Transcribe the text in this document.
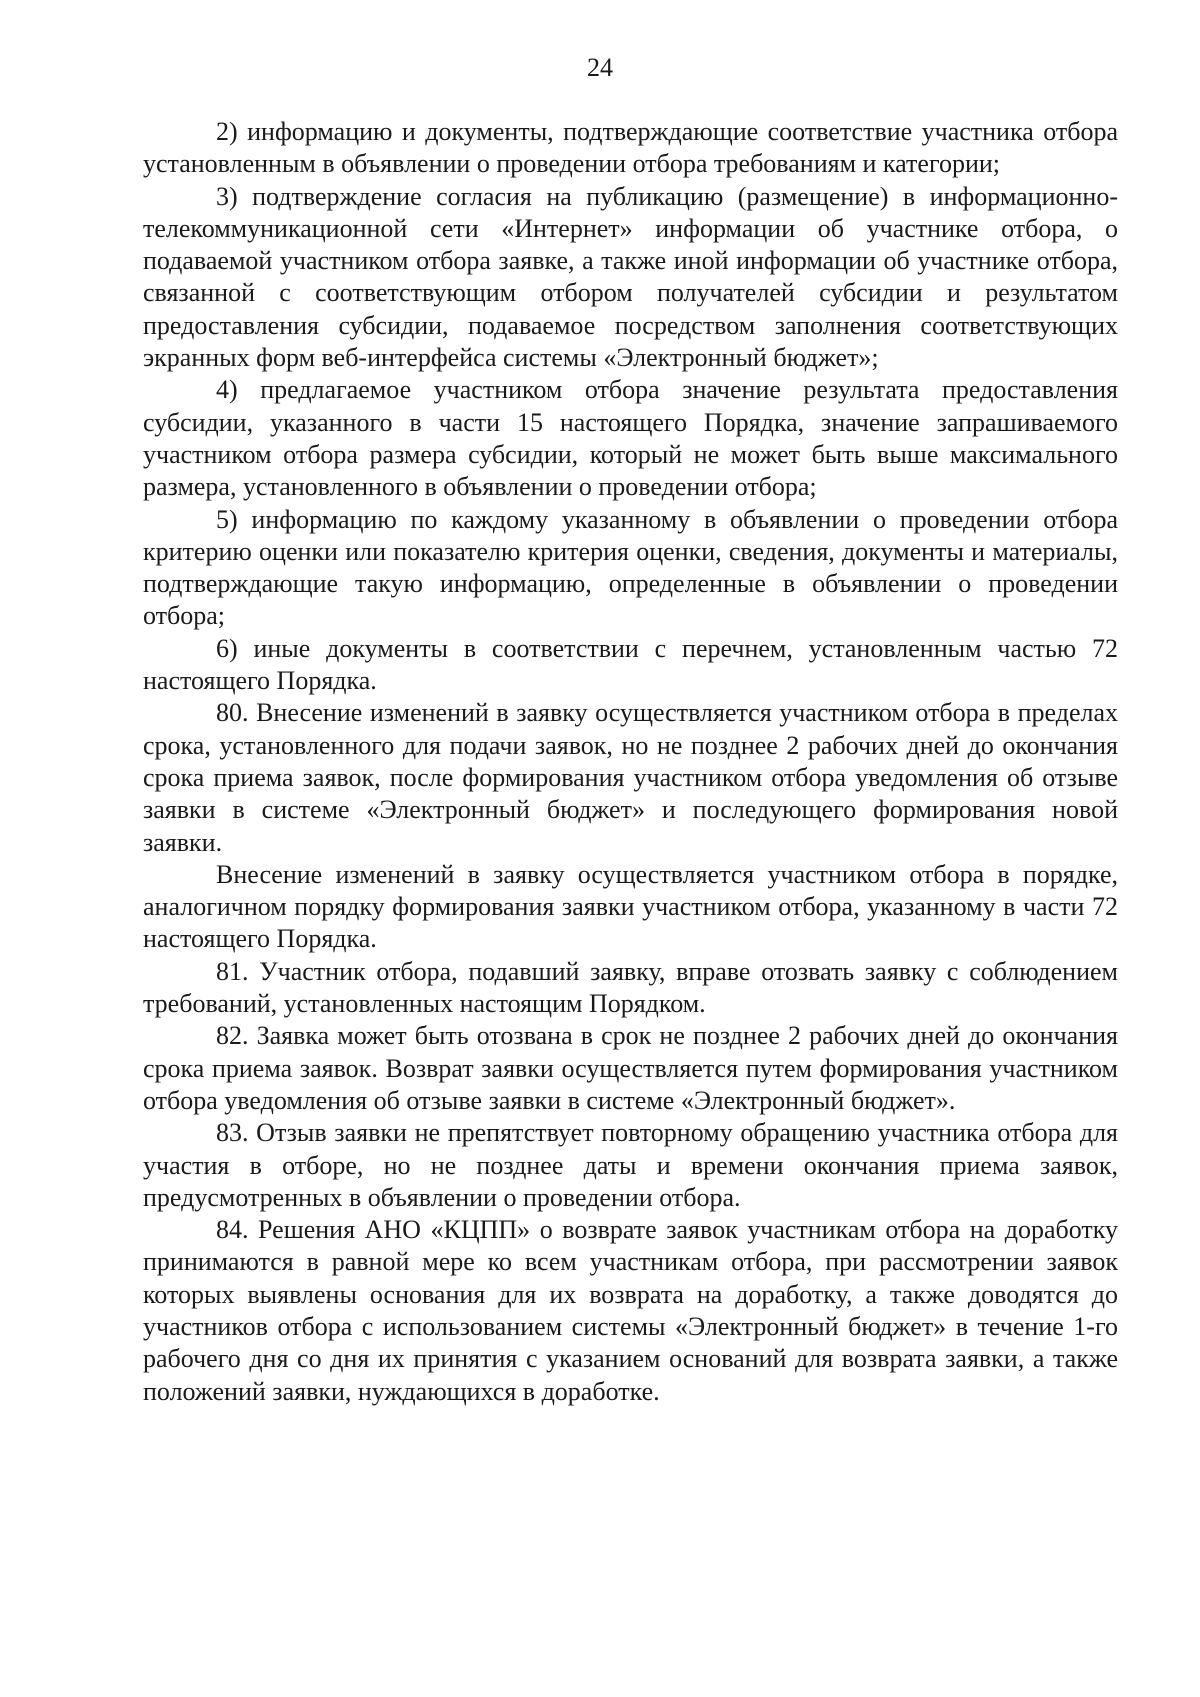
24

2) информацию и документы, подтверждающие соответствие участника отбора установленным в объявлении о проведении отбора требованиям и категории;

3) подтверждение согласия на публикацию (размещение) в информационно-телекоммуникационной сети «Интернет» информации об участнике отбора, о подаваемой участником отбора заявке, а также иной информации об участнике отбора, связанной с соответствующим отбором получателей субсидии и результатом предоставления субсидии, подаваемое посредством заполнения соответствующих экранных форм веб-интерфейса системы «Электронный бюджет»;

4) предлагаемое участником отбора значение результата предоставления субсидии, указанного в части 15 настоящего Порядка, значение запрашиваемого участником отбора размера субсидии, который не может быть выше максимального размера, установленного в объявлении о проведении отбора;

5) информацию по каждому указанному в объявлении о проведении отбора критерию оценки или показателю критерия оценки, сведения, документы и материалы, подтверждающие такую информацию, определенные в объявлении о проведении отбора;

6) иные документы в соответствии с перечнем, установленным частью 72 настоящего Порядка.

80. Внесение изменений в заявку осуществляется участником отбора в пределах срока, установленного для подачи заявок, но не позднее 2 рабочих дней до окончания срока приема заявок, после формирования участником отбора уведомления об отзыве заявки в системе «Электронный бюджет» и последующего формирования новой заявки.

Внесение изменений в заявку осуществляется участником отбора в порядке, аналогичном порядку формирования заявки участником отбора, указанному в части 72 настоящего Порядка.

81. Участник отбора, подавший заявку, вправе отозвать заявку с соблюдением требований, установленных настоящим Порядком.

82. Заявка может быть отозвана в срок не позднее 2 рабочих дней до окончания срока приема заявок. Возврат заявки осуществляется путем формирования участником отбора уведомления об отзыве заявки в системе «Электронный бюджет».

83. Отзыв заявки не препятствует повторному обращению участника отбора для участия в отборе, но не позднее даты и времени окончания приема заявок, предусмотренных в объявлении о проведении отбора.

84. Решения АНО «КЦПП» о возврате заявок участникам отбора на доработку принимаются в равной мере ко всем участникам отбора, при рассмотрении заявок которых выявлены основания для их возврата на доработку, а также доводятся до участников отбора с использованием системы «Электронный бюджет» в течение 1-го рабочего дня со дня их принятия с указанием оснований для возврата заявки, а также положений заявки, нуждающихся в доработке.
